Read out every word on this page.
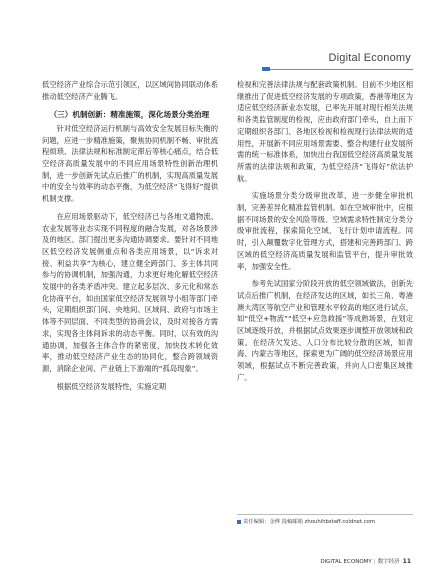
Digital Economy

低空经济产业综合示范引领区，以区域间协同联动体系推动低空经济产业腾飞。

（三）机制创新：精准施策，深化场景分类治理

针对低空经济运行机制与高效安全发展目标失衡的问题，应进一步精准施策，聚焦协同机制不畅、审批流程烦琐、法律法规和标准制定滞后等核心痛点，结合低空经济高质量发展中的不同应用场景特性创新治理机制，进一步创新先试点后推广的机制，实现高质量发展中的安全与效率的动态平衡，为低空经济“飞得好”提供机制支撑。

在应用场景驱动下，低空经济已与各地文遗物流、农业发展等业态实现不同程度的融合发展，对各场景涉及的地区、部门提出更多沟通协调要求。要针对不同地区低空经济发展侧重点和各类应用场景，以“诉求对接、利益共享”为核心，建立健全跨部门、多主体共同参与的协调机制，加强沟通，力求更好地化解低空经济发展中的各类矛盾冲突。建立起多层次、多元化和常态化协商平台，如由国家低空经济发展领导小组等部门牵头，定期组织部门间、央地间、区域间、政府与市场主体等不同层面、不同类型的协商会议，及时对接各方需求，实现各主体间诉求的动态平衡。同时，以有效的沟通协调，加强各主体合作的紧密度，加快技术转化效率，推动低空经济产业生态的协同化，整合跨领域资源，消除企业间、产业链上下游端的“孤岛现象”。

根据低空经济发展特性，实施定期

检视和完善法律法规与配套政策机制。目前不少地区相继推出了促进低空经济发展的专项政策，香港等地区为适应低空经济新业态发展，已率先开展对现行相关法规和各类监管制度的检视，应由政府部门牵头，自上而下定期组织各部门、各地区检视和检视现行法律法规的适用性，开展新不同应用场景需要、整合构建行业发展所需的统一标准体系，加快出台我国低空经济高质量发展所需的法律法规和政策，为低空经济“飞得好”依法护航。

实施场景分类分级审批改革，进一步健全审批机制，完善差异化精准监管机制。如在空域审批中，应根据不同场景的安全风险等级、空域需求特性制定分类分级审批流程，探索简化空域、飞行计划申请流程。同时，引入颠覆数字化管理方式，搭建和完善跨部门、跨区域的低空经济高质量发展和监管平台，提升审批效率，加强安全性。

参考先试国家分阶段开放的低空领域做法，创新先试点后推广机制，在经济发达的区域，如长三角、粤港澳大湾区等航空产业和管理水平较高的地区进行试点，如“低空+物流”“低空+应急救援”等成熟场景，在划定区域逐级开放，并根据试点效果逐步调整开放领域和政策。在经济欠发达、人口分布比较分散的区域，如青海、内蒙古等地区，探索更为广阔的低空经济场景应用领域，根据试点不断完善政策，并向人口密集区域推广。

责任编辑：金烨 投稿邮箱 zhouhihbstaff.coidnet.com
DIGITAL ECONOMY | 数字经济 11
